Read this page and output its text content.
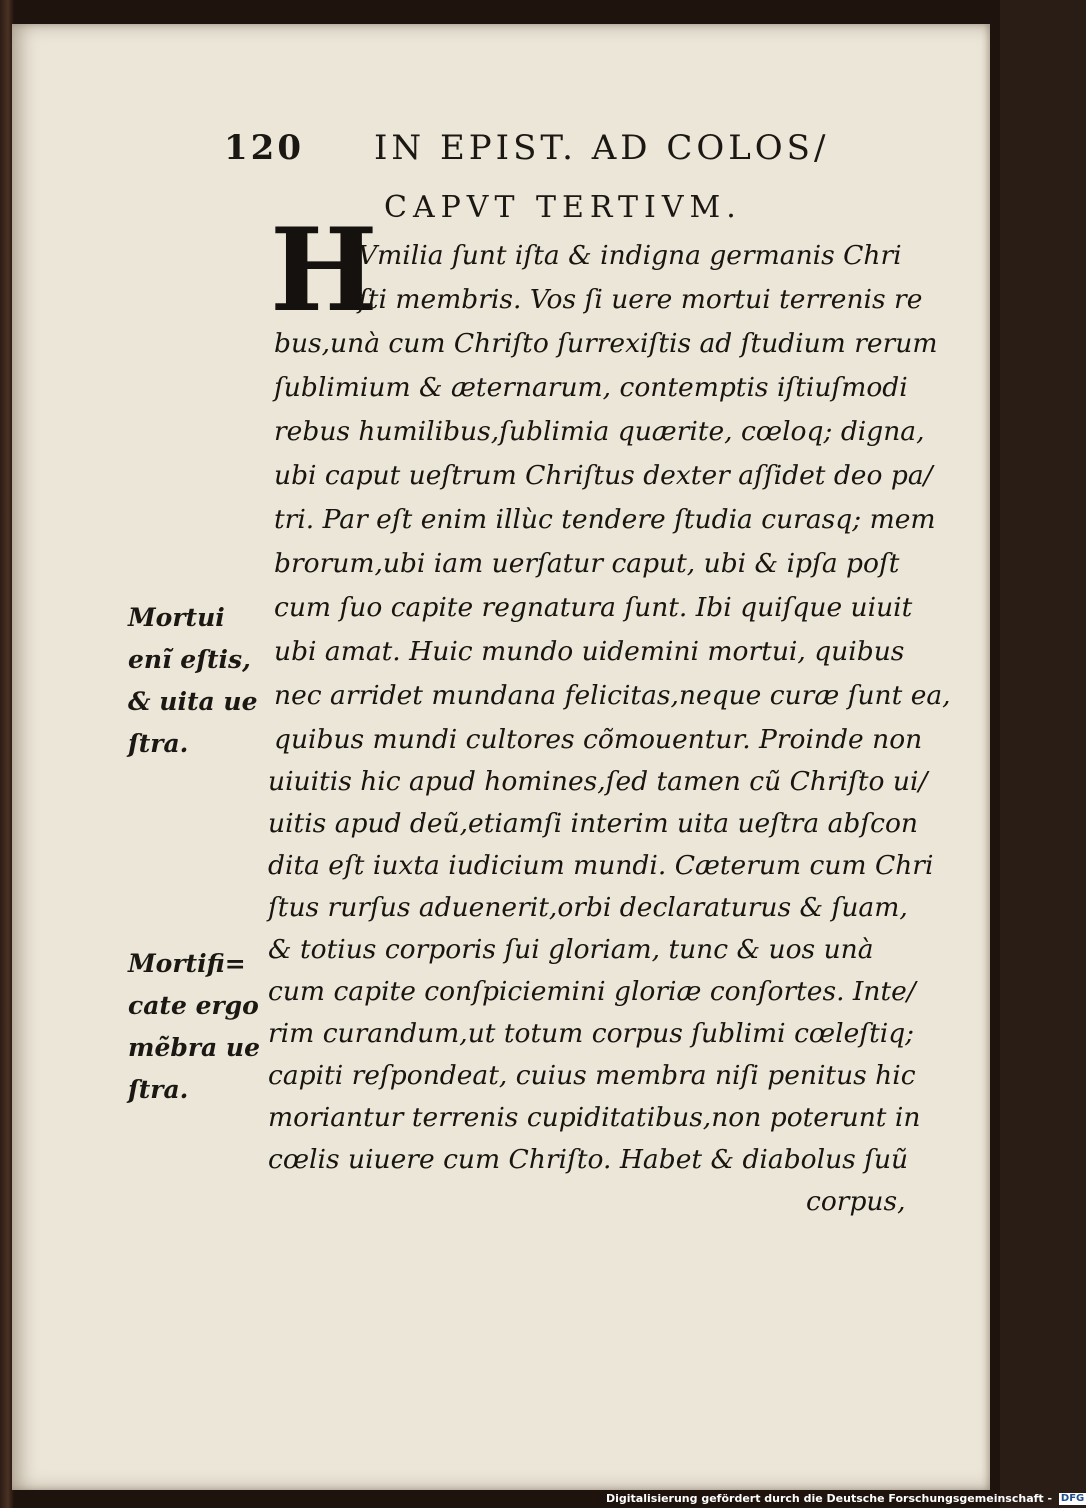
120 IN EPIST. AD COLOS/
CAPVT TERTIVM.
H
Vmilia ſunt iſta & indigna germanis Chri
ſti membris. Vos ſi uere mortui terrenis re
bus,unà cum Chriſto ſurrexiſtis ad ſtudium rerum
ſublimium & æternarum, contemptis iſtiuſmodi
rebus humilibus,ſublimia quærite, cœloq; digna,
ubi caput ueſtrum Chriſtus dexter aſſidet deo pa/
tri. Par eſt enim illùc tendere ſtudia curasq; mem
brorum,ubi iam uerſatur caput, ubi & ipſa poſt
cum ſuo capite regnatura ſunt. Ibi quiſque uiuit
ubi amat. Huic mundo uidemini mortui, quibus
nec arridet mundana felicitas,neque curæ ſunt ea,
quibus mundi cultores cõmouentur. Proinde non
uiuitis hic apud homines,ſed tamen cũ Chriſto ui/
uitis apud deũ,etiamſi interim uita ueſtra abſcon
dita eſt iuxta iudicium mundi. Cæterum cum Chri
ſtus rurſus aduenerit,orbi declaraturus & ſuam,
& totius corporis ſui gloriam, tunc & uos unà
cum capite conſpiciemini gloriæ conſortes. Inte/
rim curandum,ut totum corpus ſublimi cœleſtiq;
capiti reſpondeat, cuius membra niſi penitus hic
moriantur terrenis cupiditatibus,non poterunt in
cœlis uiuere cum Chriſto. Habet & diabolus ſuũ
corpus,
Mortui
enĩ eſtis,
& uita ue
ſtra.
Mortifi=
cate ergo
mẽbra ue
ſtra.
Digitalisierung gefördert durch die Deutsche Forschungsgemeinschaft - DFG
